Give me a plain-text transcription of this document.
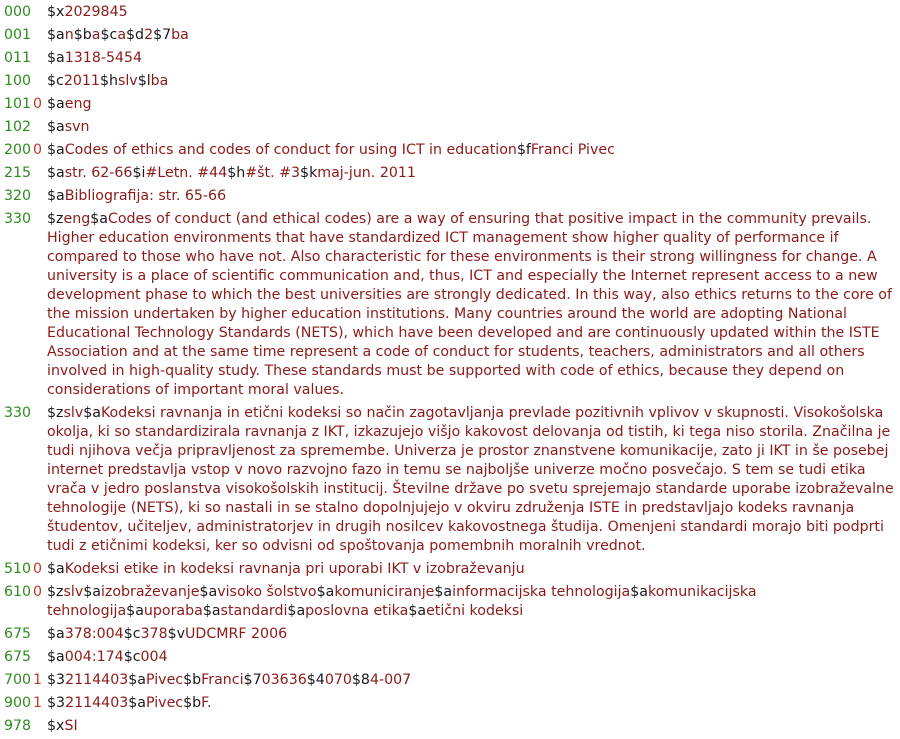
000 $x2029845
001 $an$ba$ca$d2$7ba
011 $a1318-5454
100 $c2011$hslv$lba
101 0 $aeng
102 $asvn
200 0 $aCodes of ethics and codes of conduct for using ICT in education$fFranci Pivec
215 $astr. 62-66$i#Letn. #44$h#št. #3$kmaj-jun. 2011
320 $aBibliografija: str. 65-66
330 $zeng$aCodes of conduct (and ethical codes) are a way of ensuring that positive impact in the community prevails. Higher education environments that have standardized ICT management show higher quality of performance if compared to those who have not. Also characteristic for these environments is their strong willingness for change. A university is a place of scientific communication and, thus, ICT and especially the Internet represent access to a new development phase to which the best universities are strongly dedicated. In this way, also ethics returns to the core of the mission undertaken by higher education institutions. Many countries around the world are adopting National Educational Technology Standards (NETS), which have been developed and are continuously updated within the ISTE Association and at the same time represent a code of conduct for students, teachers, administrators and all others involved in high-quality study. These standards must be supported with code of ethics, because they depend on considerations of important moral values.
330 $zslv$aKodeksi ravnanja in etični kodeksi so način zagotavljanja prevlade pozitivnih vplivov v skupnosti. Visokošolska okolja, ki so standardizirala ravnanja z IKT, izkazujejo višjo kakovost delovanja od tistih, ki tega niso storila. Značilna je tudi njihova večja pripravljenost za spremembe. Univerza je prostor znanstvene komunikacije, zato ji IKT in še posebej internet predstavlja vstop v novo razvojno fazo in temu se najboljše univerze močno posvečajo. S tem se tudi etika vrača v jedro poslanstva visokošolskih institucij. Številne države po svetu sprejemajo standarde uporabe izobraževalne tehnologije (NETS), ki so nastali in se stalno dopolnjujejo v okviru združenja ISTE in predstavljajo kodeks ravnanja študentov, učiteljev, administratorjev in drugih nosilcev kakovostnega študija. Omenjeni standardi morajo biti podprti tudi z etičnimi kodeksi, ker so odvisni od spoštovanja pomembnih moralnih vrednot.
510 0 $aKodeksi etike in kodeksi ravnanja pri uporabi IKT v izobraževanju
610 0 $zslv$aizobraževanje$avisoko šolstvo$akomuniciranje$ainformacijska tehnologija$akomunikacijska tehnologija$auporaba$astandardi$aposlovna etika$aetični kodeksi
675 $a378:004$c378$vUDCMRF 2006
675 $a004:174$c004
700 1 $32114403$aPivec$bFranci$703636$4070$84-007
900 1 $32114403$aPivec$bF.
978 $xSI
